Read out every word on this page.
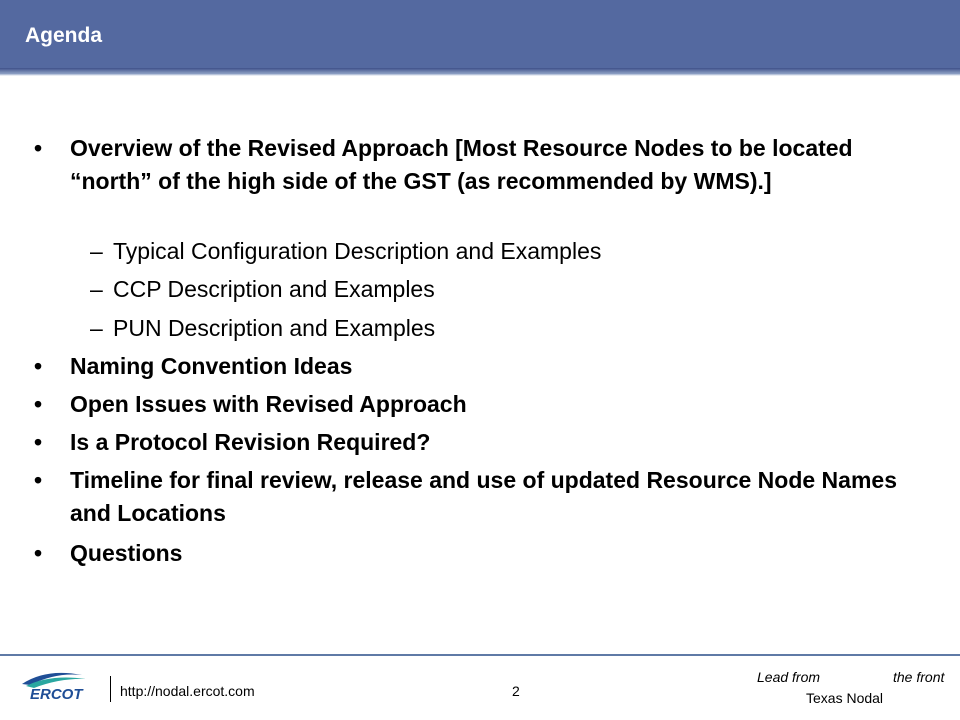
Agenda
• Overview of the Revised Approach [Most Resource Nodes to be located “north” of the high side of the GST (as recommended by WMS).]
– Typical Configuration Description and Examples
– CCP Description and Examples
– PUN Description and Examples
• Naming Convention Ideas
• Open Issues with Revised Approach
• Is a Protocol Revision Required?
• Timeline for final review, release and use of updated Resource Node Names and Locations
• Questions
ERCOT	http://nodal.ercot.com	2
Lead from	the front
Texas Nodal
